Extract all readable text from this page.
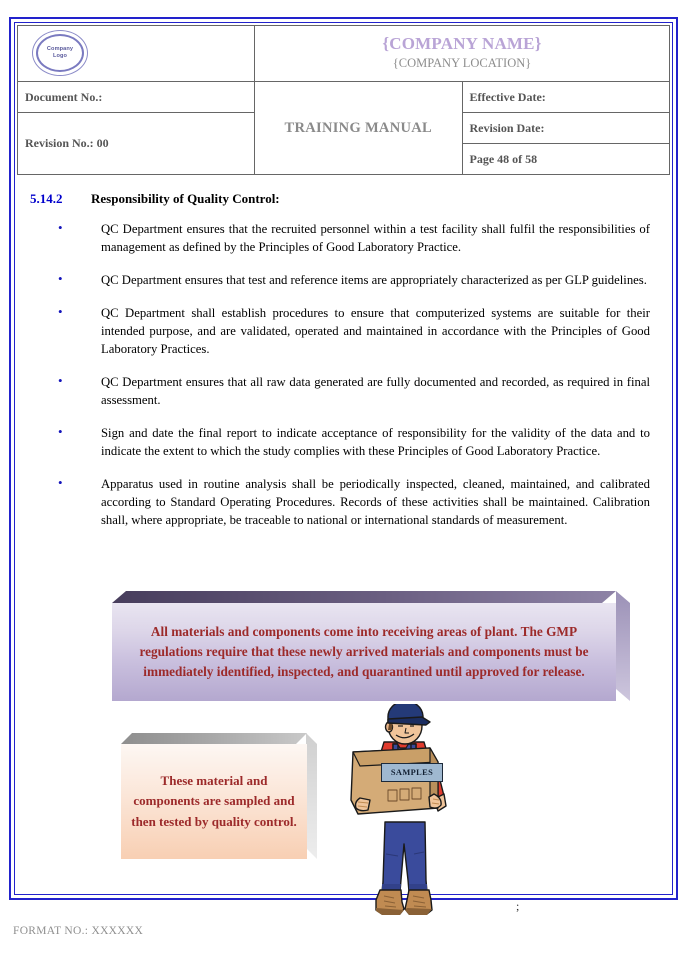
Company
Logo

{COMPANY NAME}
{COMPANY LOCATION}

Document No.:	TRAINING MANUAL	Effective Date:
Revision No.: 00		Revision Date:
		Page 48 of 58
5.14.2	Responsibility of Quality Control:
• QC Department ensures that the recruited personnel within a test facility shall fulfil the responsibilities of management as defined by the Principles of Good Laboratory Practice.
• QC Department ensures that test and reference items are appropriately characterized as per GLP guidelines.
• QC Department shall establish procedures to ensure that computerized systems are suitable for their intended purpose, and are validated, operated and maintained in accordance with the Principles of Good Laboratory Practices.
• QC Department ensures that all raw data generated are fully documented and recorded, as required in final assessment.
• Sign and date the final report to indicate acceptance of responsibility for the validity of the data and to indicate the extent to which the study complies with these Principles of Good Laboratory Practice.
• Apparatus used in routine analysis shall be periodically inspected, cleaned, maintained, and calibrated according to Standard Operating Procedures. Records of these activities shall be maintained. Calibration shall, where appropriate, be traceable to national or international standards of measurement.
All materials and components come into receiving areas of plant. The GMP regulations require that these newly arrived materials and components must be immediately identified, inspected, and quarantined until approved for release.
These material and components are sampled and then tested by quality control.
SAMPLES
;
FORMAT NO.: XXXXXX
